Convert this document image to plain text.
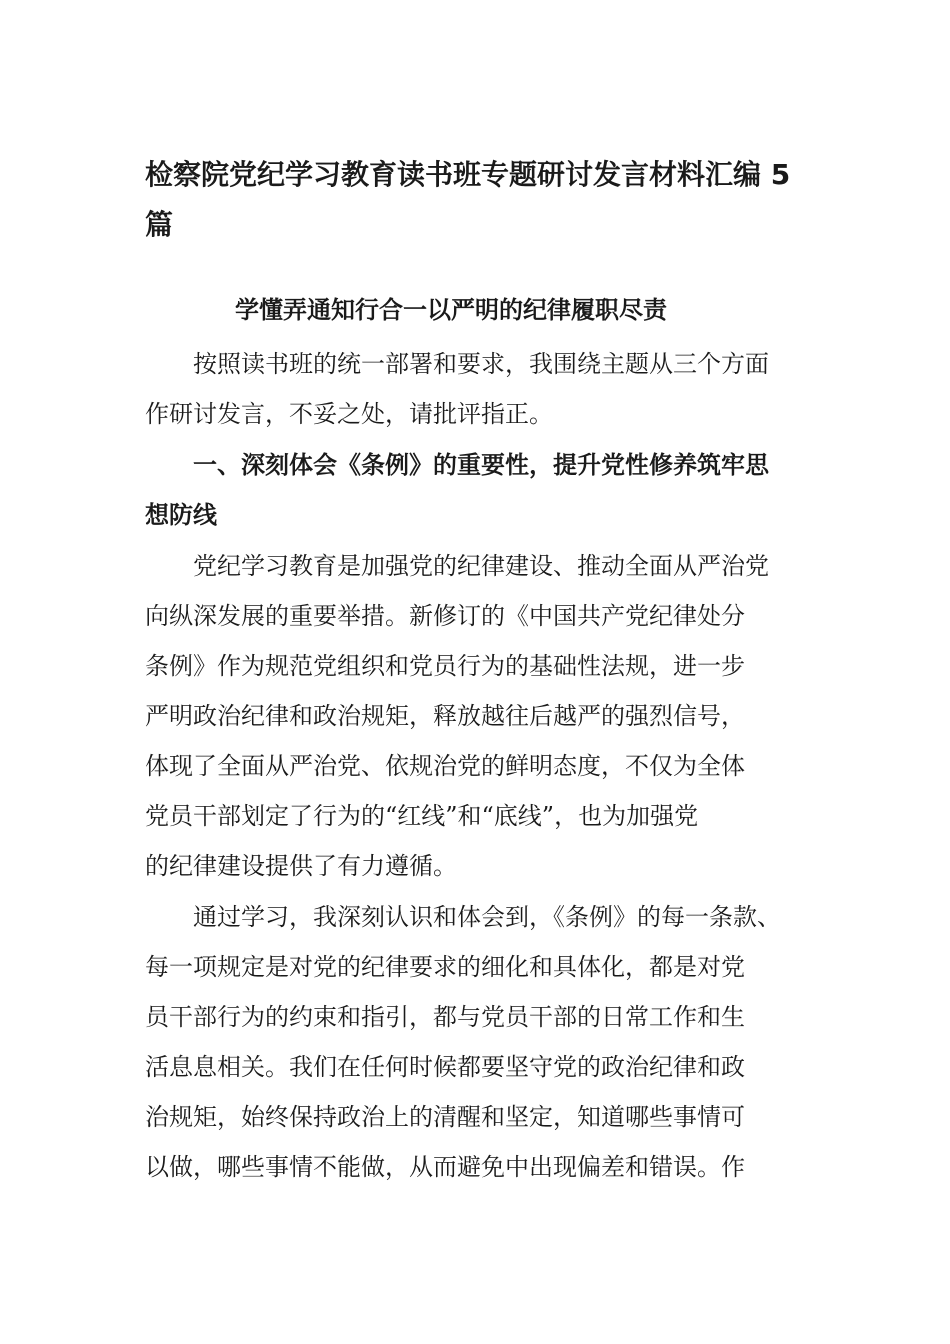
检察院党纪学习教育读书班专题研讨发言材料汇编 5
篇
学懂弄通知行合一以严明的纪律履职尽责

　　按照读书班的统一部署和要求，我围绕主题从三个方面
作研讨发言，不妥之处，请批评指正。

　　一、深刻体会《条例》的重要性，提升党性修养筑牢思
想防线

　　党纪学习教育是加强党的纪律建设、推动全面从严治党
向纵深发展的重要举措。新修订的《中国共产党纪律处分
条例》作为规范党组织和党员行为的基础性法规，进一步
严明政治纪律和政治规矩，释放越往后越严的强烈信号，
体现了全面从严治党、依规治党的鲜明态度，不仅为全体
党员干部划定了行为的“红线”和“底线”，也为加强党
的纪律建设提供了有力遵循。

　　通过学习，我深刻认识和体会到，《条例》的每一条款、
每一项规定是对党的纪律要求的细化和具体化，都是对党
员干部行为的约束和指引，都与党员干部的日常工作和生
活息息相关。我们在任何时候都要坚守党的政治纪律和政
治规矩，始终保持政治上的清醒和坚定，知道哪些事情可
以做，哪些事情不能做，从而避免中出现偏差和错误。作
